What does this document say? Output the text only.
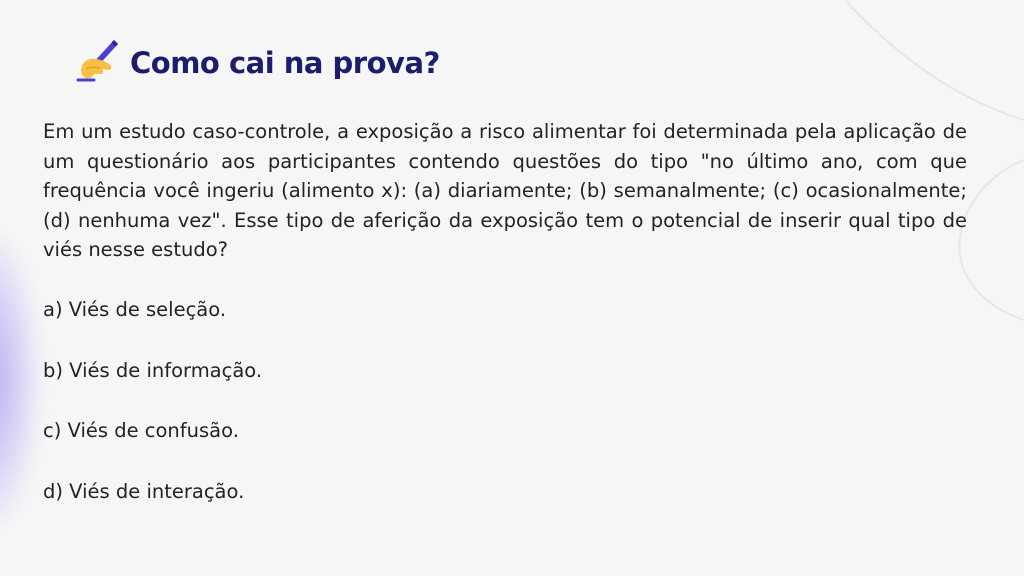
Como cai na prova?

Em um estudo caso-controle, a exposição a risco alimentar foi determinada pela aplicação de um questionário aos participantes contendo questões do tipo "no último ano, com que frequência você ingeriu (alimento x): (a) diariamente; (b) semanalmente; (c) ocasionalmente; (d) nenhuma vez". Esse tipo de aferição da exposição tem o potencial de inserir qual tipo de viés nesse estudo?

a) Viés de seleção.
b) Viés de informação.
c) Viés de confusão.
d) Viés de interação.
